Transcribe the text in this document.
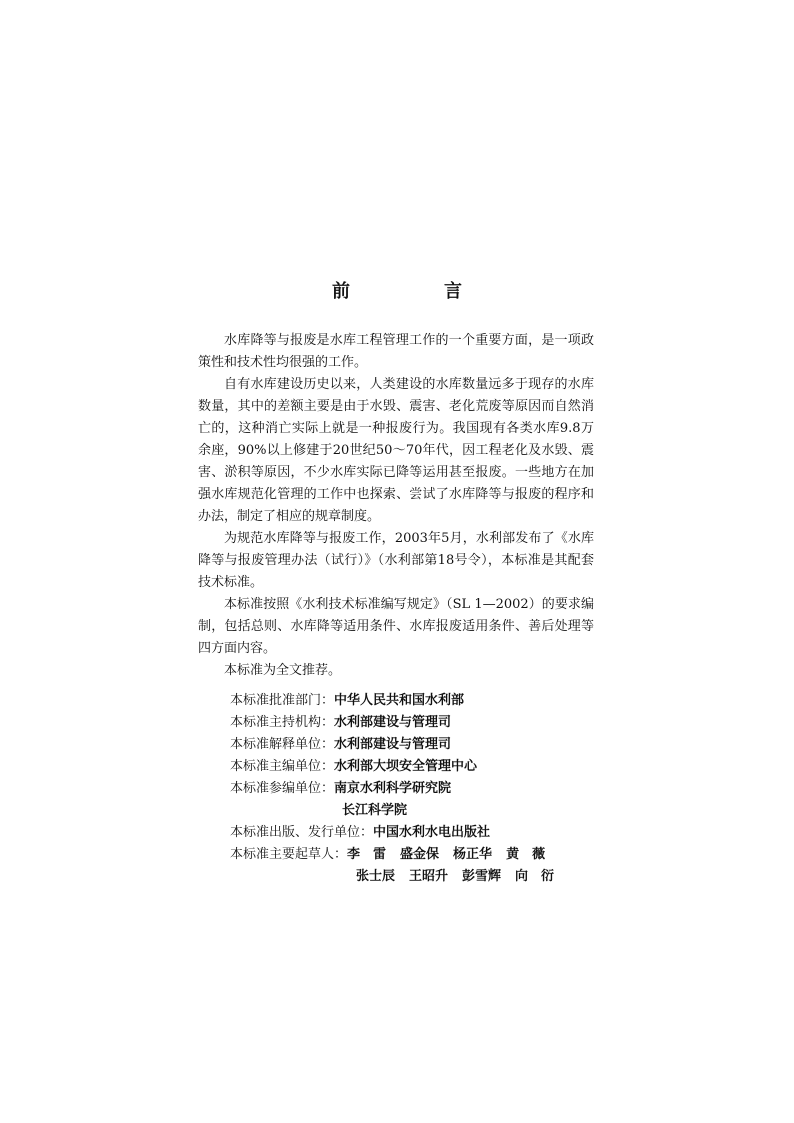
前　言

水库降等与报废是水库工程管理工作的一个重要方面，是一项政策性和技术性均很强的工作。

自有水库建设历史以来，人类建设的水库数量远多于现存的水库数量，其中的差额主要是由于水毁、震害、老化荒废等原因而自然消亡的，这种消亡实际上就是一种报废行为。我国现有各类水库9.8万余座，90%以上修建于20世纪50～70年代，因工程老化及水毁、震害、淤积等原因，不少水库实际已降等运用甚至报废。一些地方在加强水库规范化管理的工作中也探索、尝试了水库降等与报废的程序和办法，制定了相应的规章制度。

为规范水库降等与报废工作，2003年5月，水利部发布了《水库降等与报废管理办法（试行）》（水利部第18号令），本标准是其配套技术标准。

本标准按照《水利技术标准编写规定》（SL 1—2002）的要求编制，包括总则、水库降等适用条件、水库报废适用条件、善后处理等四方面内容。

本标准为全文推荐。

本标准批准部门： 中华人民共和国水利部
本标准主持机构： 水利部建设与管理司
本标准解释单位： 水利部建设与管理司
本标准主编单位： 水利部大坝安全管理中心
本标准参编单位： 南京水利科学研究院
长江科学院
本标准出版、发行单位： 中国水利水电出版社
本标准主要起草人： 李　雷 盛金保 杨正华 黄　薇
张士辰 王昭升 彭雪辉 向　衍
